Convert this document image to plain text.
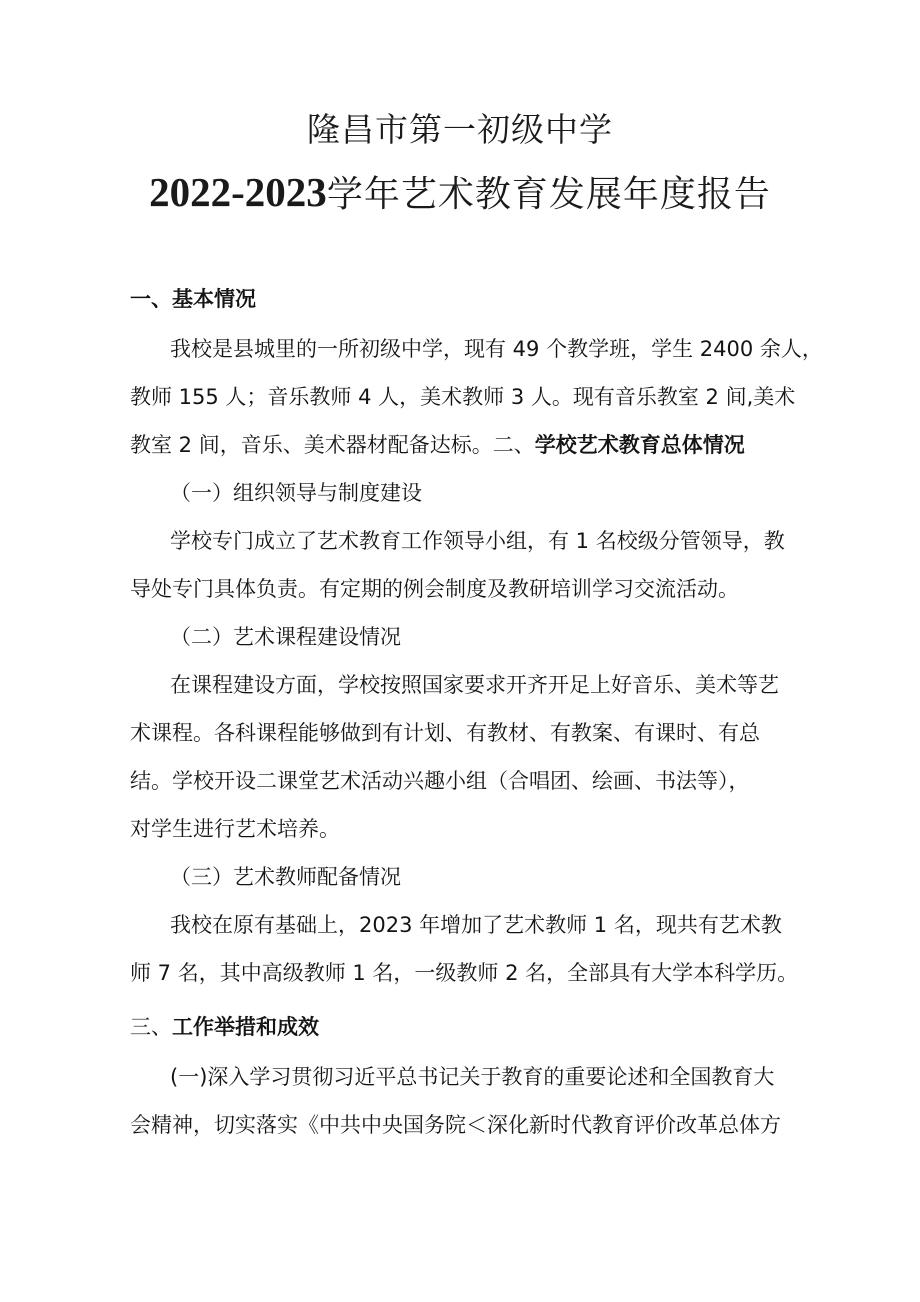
隆昌市第一初级中学
2022-2023学年艺术教育发展年度报告
一、基本情况
我校是县城里的一所初级中学，现有 49 个教学班，学生 2400 余人，
教师 155 人；音乐教师 4 人，美术教师 3 人。现有音乐教室 2 间,美术
教室 2 间，音乐、美术器材配备达标。二、学校艺术教育总体情况
（一）组织领导与制度建设
学校专门成立了艺术教育工作领导小组，有 1 名校级分管领导，教
导处专门具体负责。有定期的例会制度及教研培训学习交流活动。
（二）艺术课程建设情况
在课程建设方面，学校按照国家要求开齐开足上好音乐、美术等艺
术课程。各科课程能够做到有计划、有教材、有教案、有课时、有总
结。学校开设二课堂艺术活动兴趣小组（合唱团、绘画、书法等），
对学生进行艺术培养。
（三）艺术教师配备情况
我校在原有基础上，2023 年增加了艺术教师 1 名，现共有艺术教
师 7 名，其中高级教师 1 名，一级教师 2 名，全部具有大学本科学历。
三、工作举措和成效
(一)深入学习贯彻习近平总书记关于教育的重要论述和全国教育大
会精神，切实落实《中共中央国务院＜深化新时代教育评价改革总体方
